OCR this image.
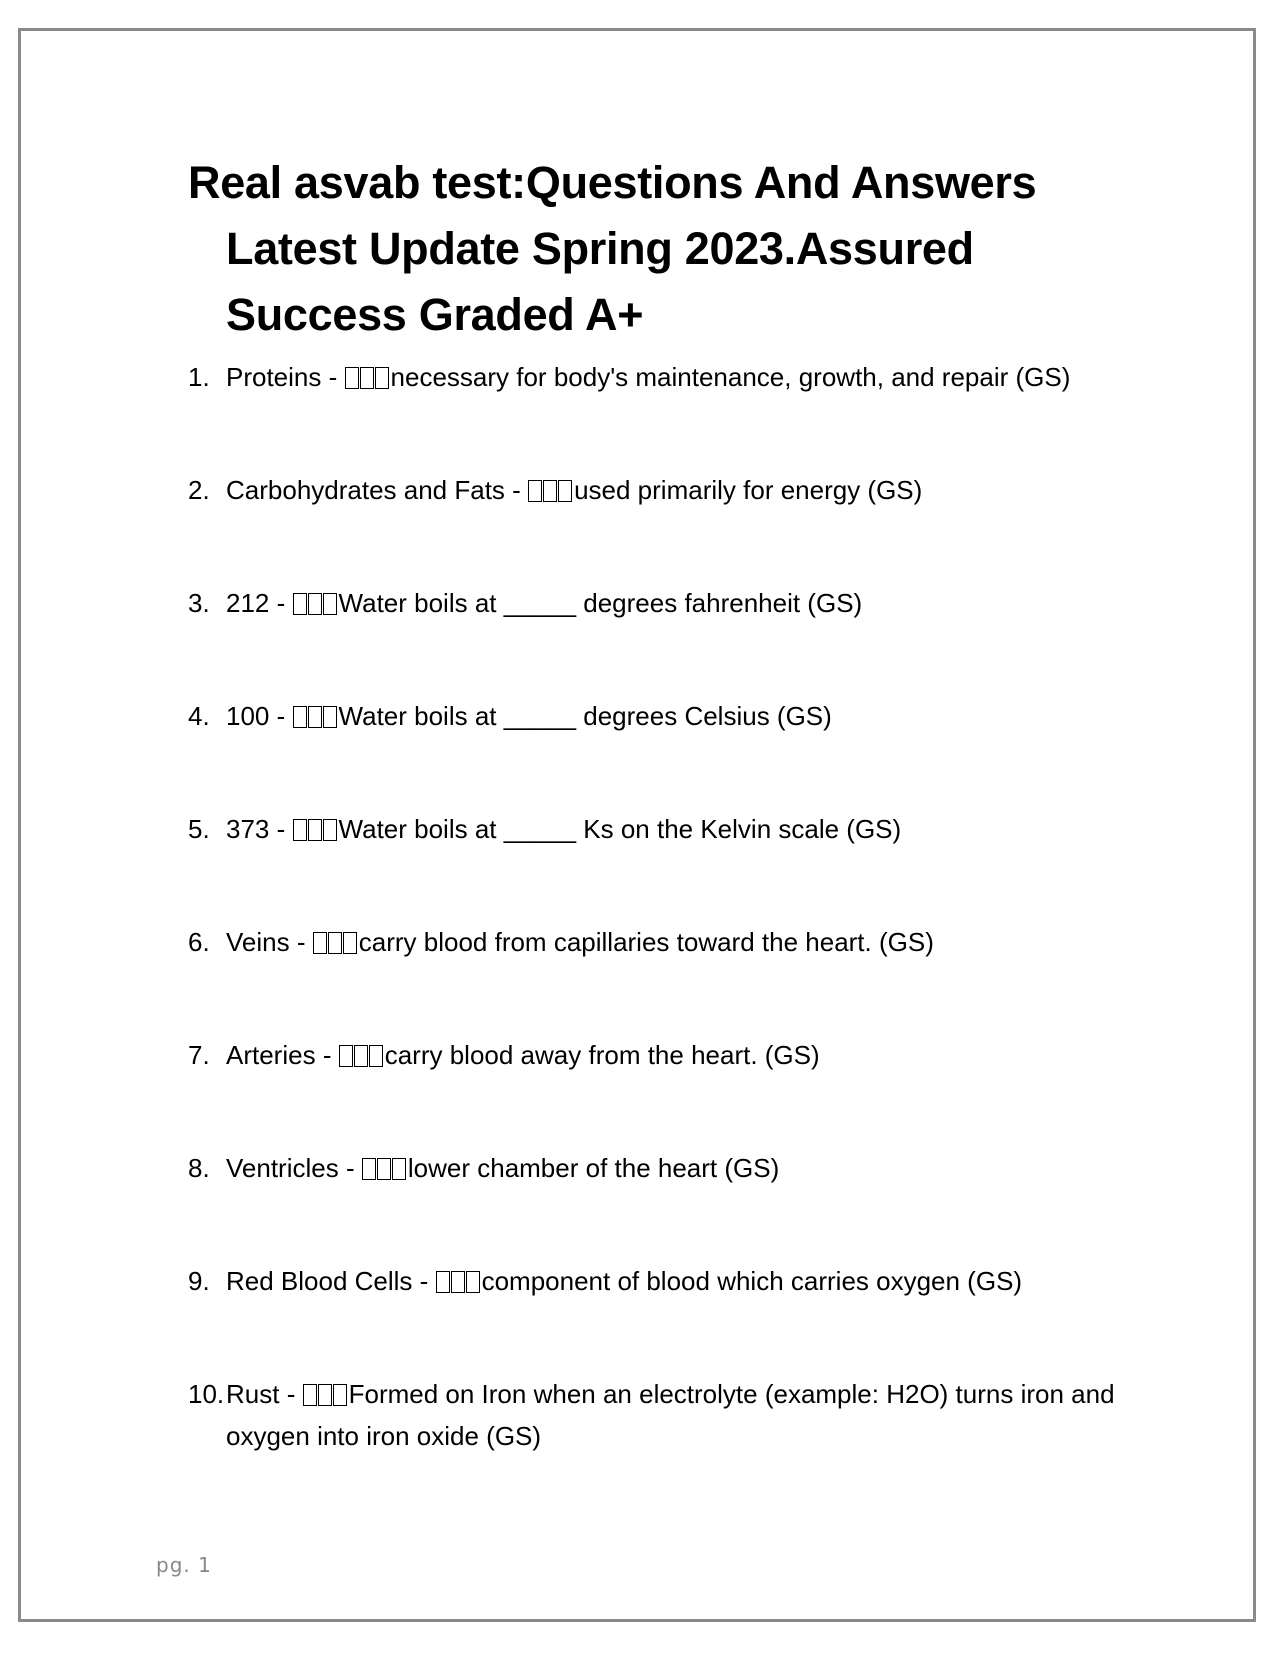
Real asvab test:Questions And Answers Latest Update Spring 2023.Assured Success Graded A+
1. Proteins - necessary for body's maintenance, growth, and repair (GS)
2. Carbohydrates and Fats - used primarily for energy (GS)
3. 212 - Water boils at _____ degrees fahrenheit (GS)
4. 100 - Water boils at _____ degrees Celsius (GS)
5. 373 - Water boils at _____ Ks on the Kelvin scale (GS)
6. Veins - carry blood from capillaries toward the heart. (GS)
7. Arteries - carry blood away from the heart. (GS)
8. Ventricles - lower chamber of the heart (GS)
9. Red Blood Cells - component of blood which carries oxygen (GS)
10. Rust - Formed on Iron when an electrolyte (example: H2O) turns iron and oxygen into iron oxide (GS)
pg. 1
